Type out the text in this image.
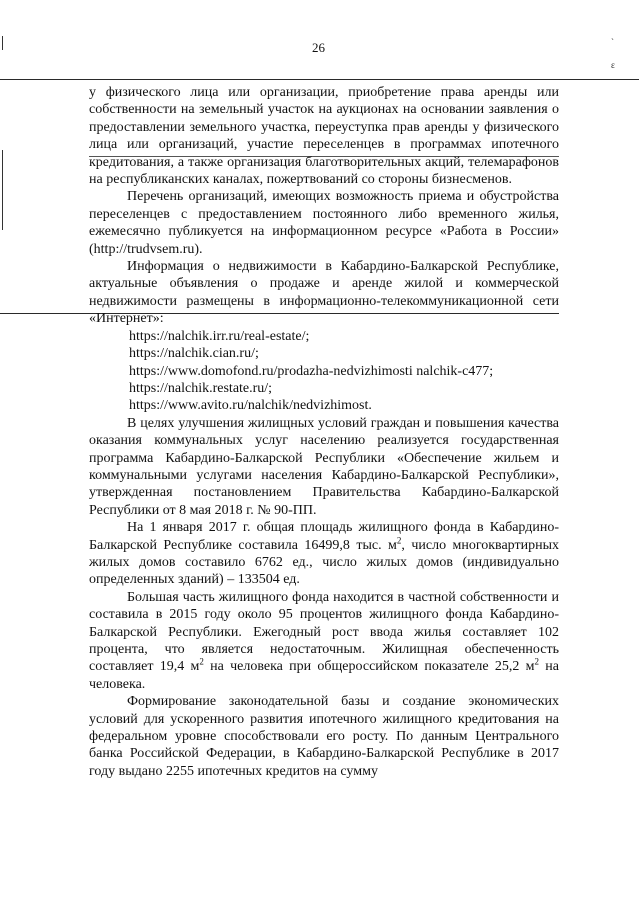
26
ˎ
ɛ

у физического лица или организации, приобретение права аренды или собственности на земельный участок на аукционах на основании заявления о предоставлении земельного участка, переуступка прав аренды у физического лица или организаций, участие переселенцев в программах ипотечного кредитования, а также организация благотворительных акций, телемарафонов на республиканских каналах, пожертвований со стороны бизнесменов.

Перечень организаций, имеющих возможность приема и обустройства переселенцев с предоставлением постоянного либо временного жилья, ежемесячно публикуется на информационном ресурсе «Работа в России» (http://trudvsem.ru).

Информация о недвижимости в Кабардино-Балкарской Республике, актуальные объявления о продаже и аренде жилой и коммерческой недвижимости размещены в информационно-телекоммуникационной сети «Интернет»:

https://nalchik.irr.ru/real-estate/;

https://nalchik.cian.ru/;

https://www.domofond.ru/prodazha-nedvizhimosti nalchik-c477;

https://nalchik.restate.ru/;

https://www.avito.ru/nalchik/nedvizhimost.

В целях улучшения жилищных условий граждан и повышения качества оказания коммунальных услуг населению реализуется государственная программа Кабардино-Балкарской Республики «Обеспечение жильем и коммунальными услугами населения Кабардино-Балкарской Республики», утвержденная постановлением Правительства Кабардино-Балкарской Республики от 8 мая 2018 г. № 90-ПП.

На 1 января 2017 г. общая площадь жилищного фонда в Кабардино-Балкарской Республике составила 16499,8 тыс. $м^2$, число многоквартирных жилых домов составило 6762 ед., число жилых домов (индивидуально определенных зданий) – 133504 ед.

Большая часть жилищного фонда находится в частной собственности и составила в 2015 году около 95 процентов жилищного фонда Кабардино-Балкарской Республики. Ежегодный рост ввода жилья составляет 102 процента, что является недостаточным. Жилищная обеспеченность составляет 19,4 $м^2$ на человека при общероссийском показателе 25,2 $м^2$ на человека.

Формирование законодательной базы и создание экономических условий для ускоренного развития ипотечного жилищного кредитования на федеральном уровне способствовали его росту. По данным Центрального банка Российской Федерации, в Кабардино-Балкарской Республике в 2017 году выдано 2255 ипотечных кредитов на сумму
